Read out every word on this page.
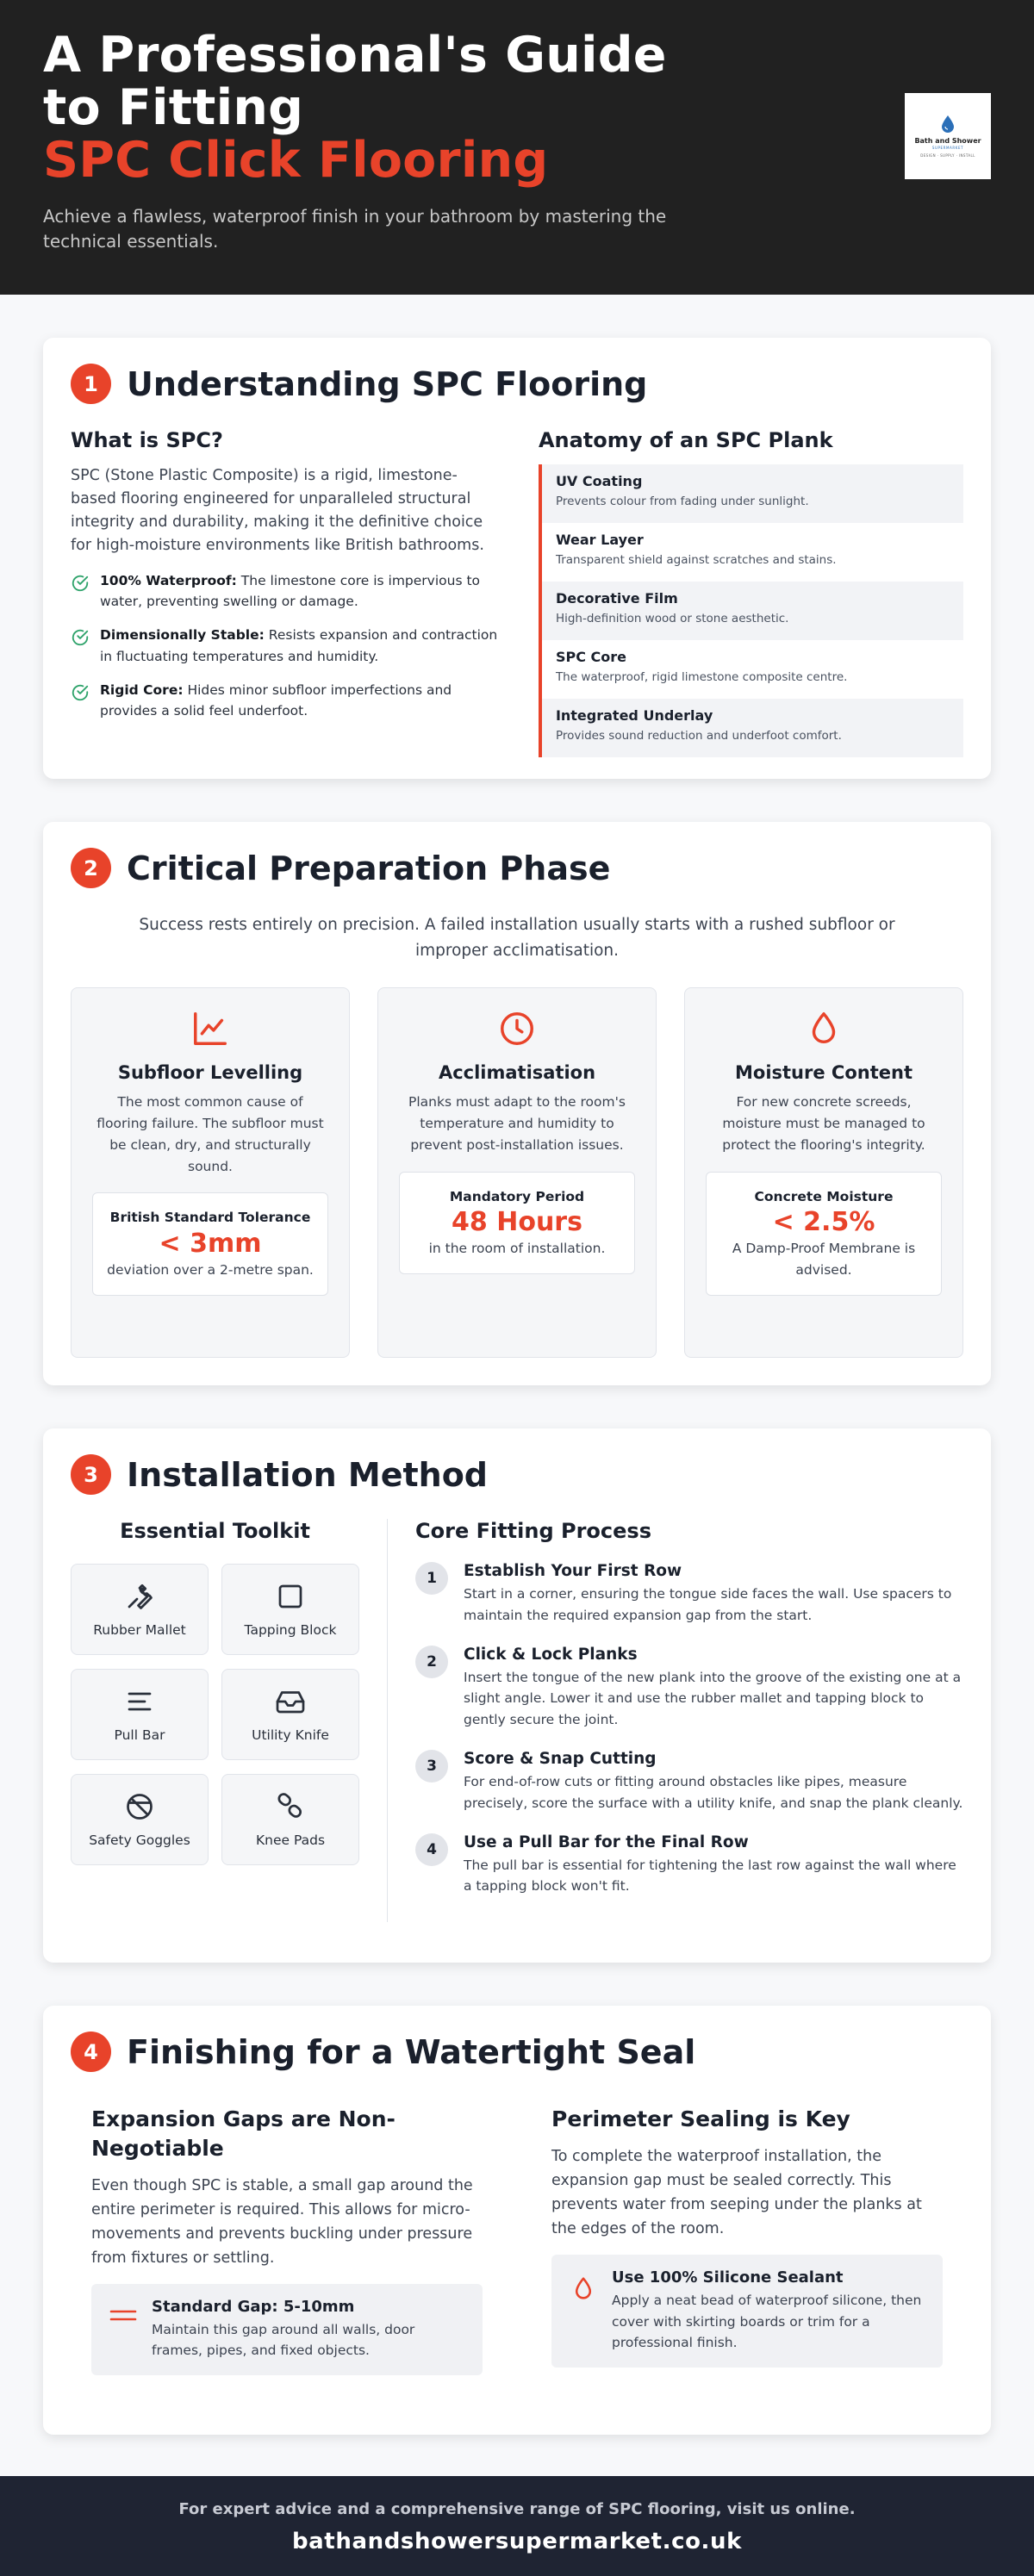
A Professional's Guide
to Fitting
SPC Click Flooring

Achieve a flawless, waterproof finish in your bathroom by mastering the technical essentials.

Bath and Shower
SUPERMARKET
DESIGN · SUPPLY · INSTALL
1 Understanding SPC Flooring
What is SPC?

SPC (Stone Plastic Composite) is a rigid, limestone-based flooring engineered for unparalleled structural integrity and durability, making it the definitive choice for high-moisture environments like British bathrooms.

100% Waterproof: The limestone core is impervious to water, preventing swelling or damage.
Dimensionally Stable: Resists expansion and contraction in fluctuating temperatures and humidity.
Rigid Core: Hides minor subfloor imperfections and provides a solid feel underfoot.
Anatomy of an SPC Plank
UV Coating
Prevents colour from fading under sunlight.
Wear Layer
Transparent shield against scratches and stains.
Decorative Film
High-definition wood or stone aesthetic.
SPC Core
The waterproof, rigid limestone composite centre.
Integrated Underlay
Provides sound reduction and underfoot comfort.
2 Critical Preparation Phase

Success rests entirely on precision. A failed installation usually starts with a rushed subfloor or improper acclimatisation.

Subfloor Levelling
The most common cause of flooring failure. The subfloor must be clean, dry, and structurally sound.
British Standard Tolerance
< 3mm
deviation over a 2-metre span.
Acclimatisation
Planks must adapt to the room's temperature and humidity to prevent post-installation issues.
Mandatory Period
48 Hours
in the room of installation.
Moisture Content
For new concrete screeds, moisture must be managed to protect the flooring's integrity.
Concrete Moisture
< 2.5%
A Damp-Proof Membrane is advised.
3 Installation Method
Essential Toolkit
Rubber Mallet	Tapping Block
Pull Bar	Utility Knife
Safety Goggles	Knee Pads
Core Fitting Process
1	Establish Your First Row
Start in a corner, ensuring the tongue side faces the wall. Use spacers to maintain the required expansion gap from the start.
2	Click & Lock Planks
Insert the tongue of the new plank into the groove of the existing one at a slight angle. Lower it and use the rubber mallet and tapping block to gently secure the joint.
3	Score & Snap Cutting
For end-of-row cuts or fitting around obstacles like pipes, measure precisely, score the surface with a utility knife, and snap the plank cleanly.
4	Use a Pull Bar for the Final Row
The pull bar is essential for tightening the last row against the wall where a tapping block won't fit.
4 Finishing for a Watertight Seal
Expansion Gaps are Non-Negotiable

Even though SPC is stable, a small gap around the entire perimeter is required. This allows for micro-movements and prevents buckling under pressure from fixtures or settling.

Standard Gap: 5-10mm
Maintain this gap around all walls, door frames, pipes, and fixed objects.
Perimeter Sealing is Key

To complete the waterproof installation, the expansion gap must be sealed correctly. This prevents water from seeping under the planks at the edges of the room.

Use 100% Silicone Sealant
Apply a neat bead of waterproof silicone, then cover with skirting boards or trim for a professional finish.
For expert advice and a comprehensive range of SPC flooring, visit us online.
bathandshowersupermarket.co.uk
